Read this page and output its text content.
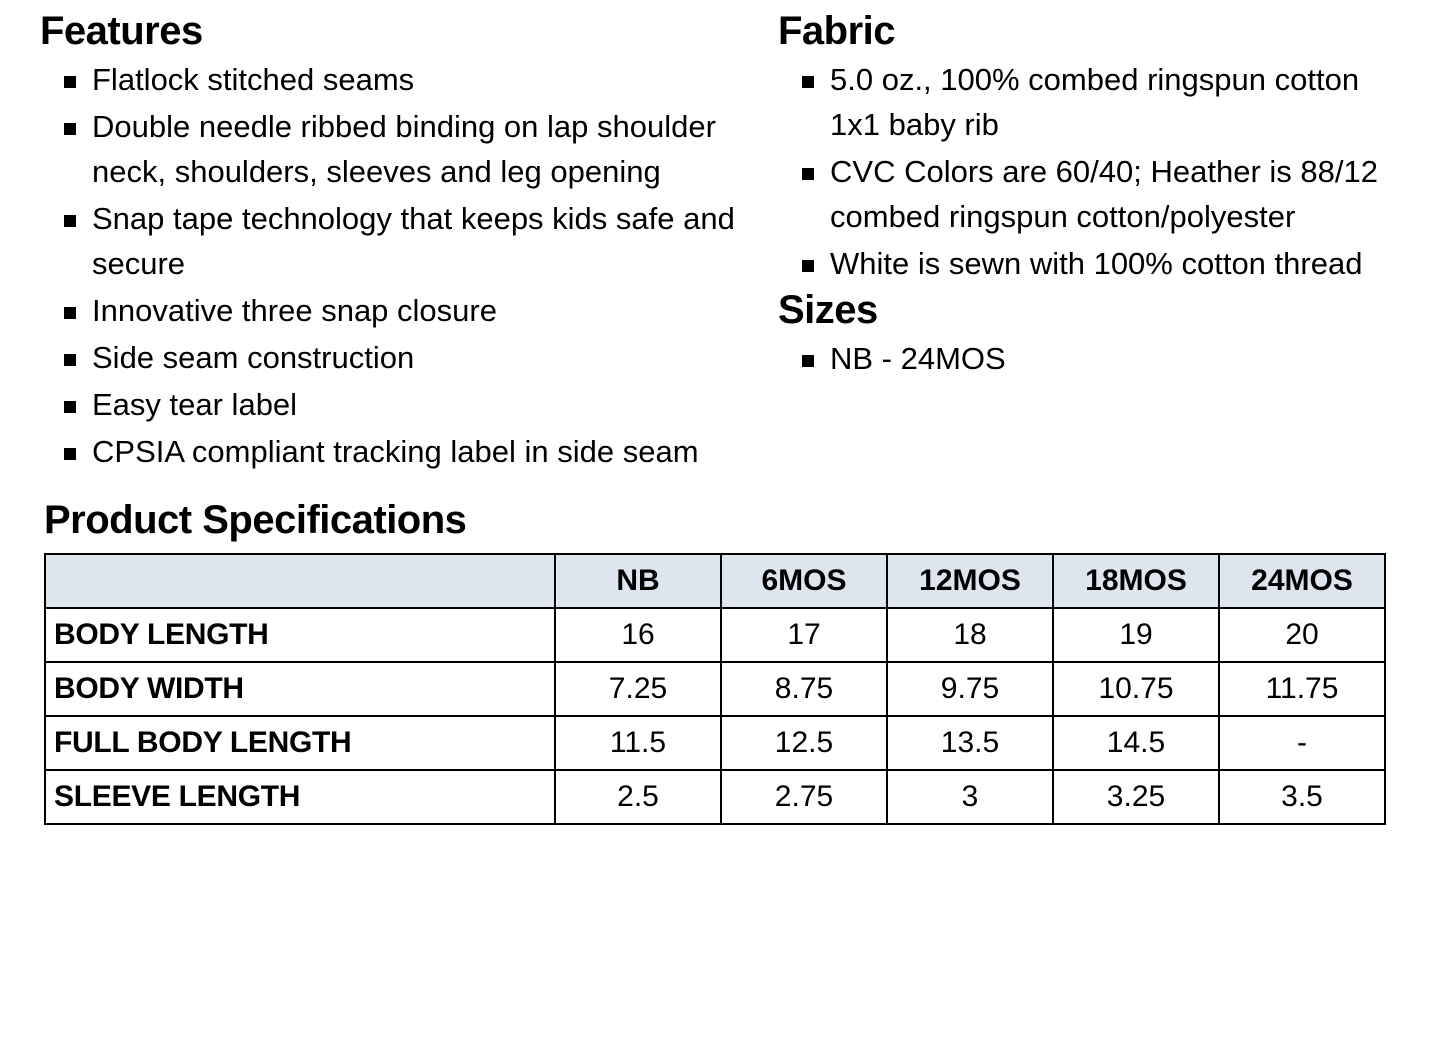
Features
Flatlock stitched seams
Double needle ribbed binding on lap shoulder neck, shoulders, sleeves and leg opening
Snap tape technology that keeps kids safe and secure
Innovative three snap closure
Side seam construction
Easy tear label
CPSIA compliant tracking label in side seam
Fabric
5.0 oz., 100% combed ringspun cotton 1x1 baby rib
CVC Colors are 60/40; Heather is 88/12 combed ringspun cotton/polyester
White is sewn with 100% cotton thread
Sizes
NB - 24MOS
Product Specifications
	NB	6MOS	12MOS	18MOS	24MOS
BODY LENGTH	16	17	18	19	20
BODY WIDTH	7.25	8.75	9.75	10.75	11.75
FULL BODY LENGTH	11.5	12.5	13.5	14.5	-
SLEEVE LENGTH	2.5	2.75	3	3.25	3.5
